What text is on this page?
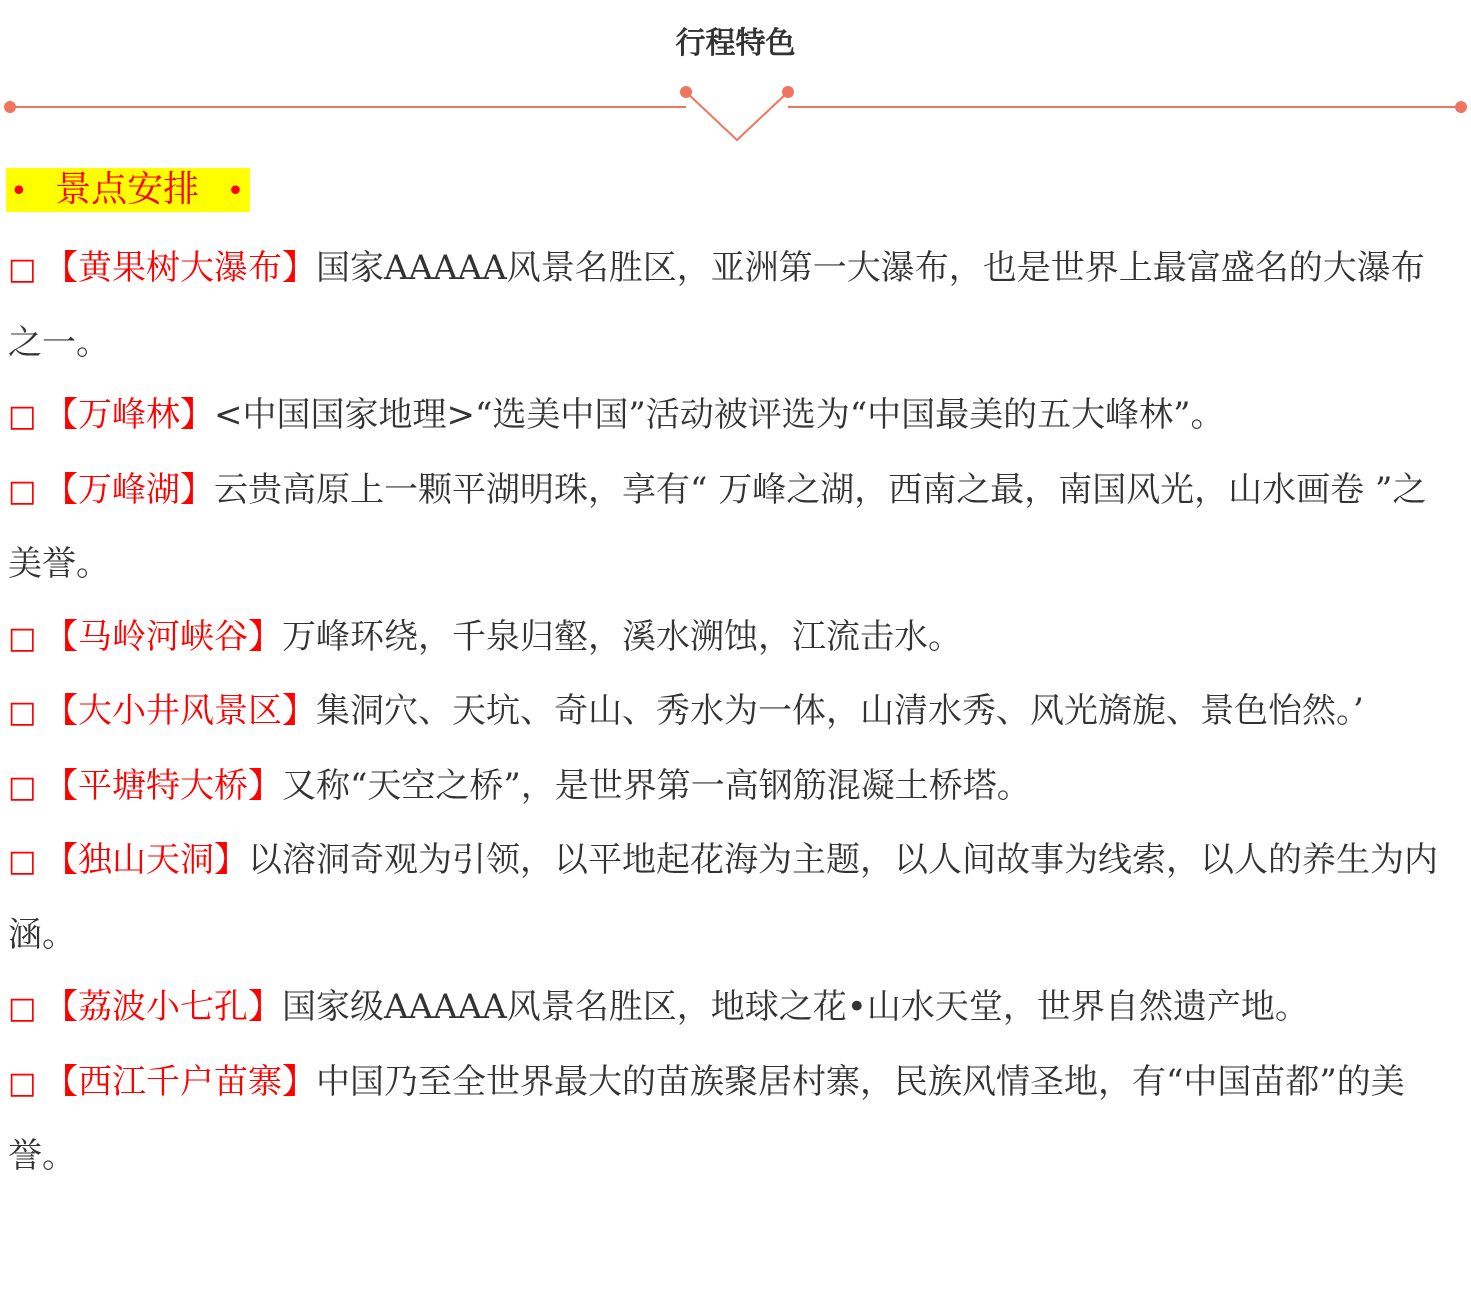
行程特色
• 景点安排 •

□ 【黄果树大瀑布】国家AAAAA风景名胜区，亚洲第一大瀑布，也是世界上最富盛名的大瀑布之一。

□ 【万峰林】<中国国家地理>“选美中国”活动被评选为“中国最美的五大峰林”。

□ 【万峰湖】云贵高原上一颗平湖明珠，享有“ 万峰之湖，西南之最，南国风光，山水画卷 ”之美誉。

□ 【马岭河峡谷】万峰环绕，千泉归壑，溪水溯蚀，江流击水。

□ 【大小井风景区】集洞穴、天坑、奇山、秀水为一体，山清水秀、风光旖旎、景色怡然。’

□ 【平塘特大桥】又称“天空之桥”，是世界第一高钢筋混凝土桥塔。

□ 【独山天洞】以溶洞奇观为引领，以平地起花海为主题，以人间故事为线索，以人的养生为内涵。

□ 【荔波小七孔】国家级AAAAA风景名胜区，地球之花•山水天堂，世界自然遗产地。

□ 【西江千户苗寨】中国乃至全世界最大的苗族聚居村寨，民族风情圣地，有“中国苗都”的美誉。
